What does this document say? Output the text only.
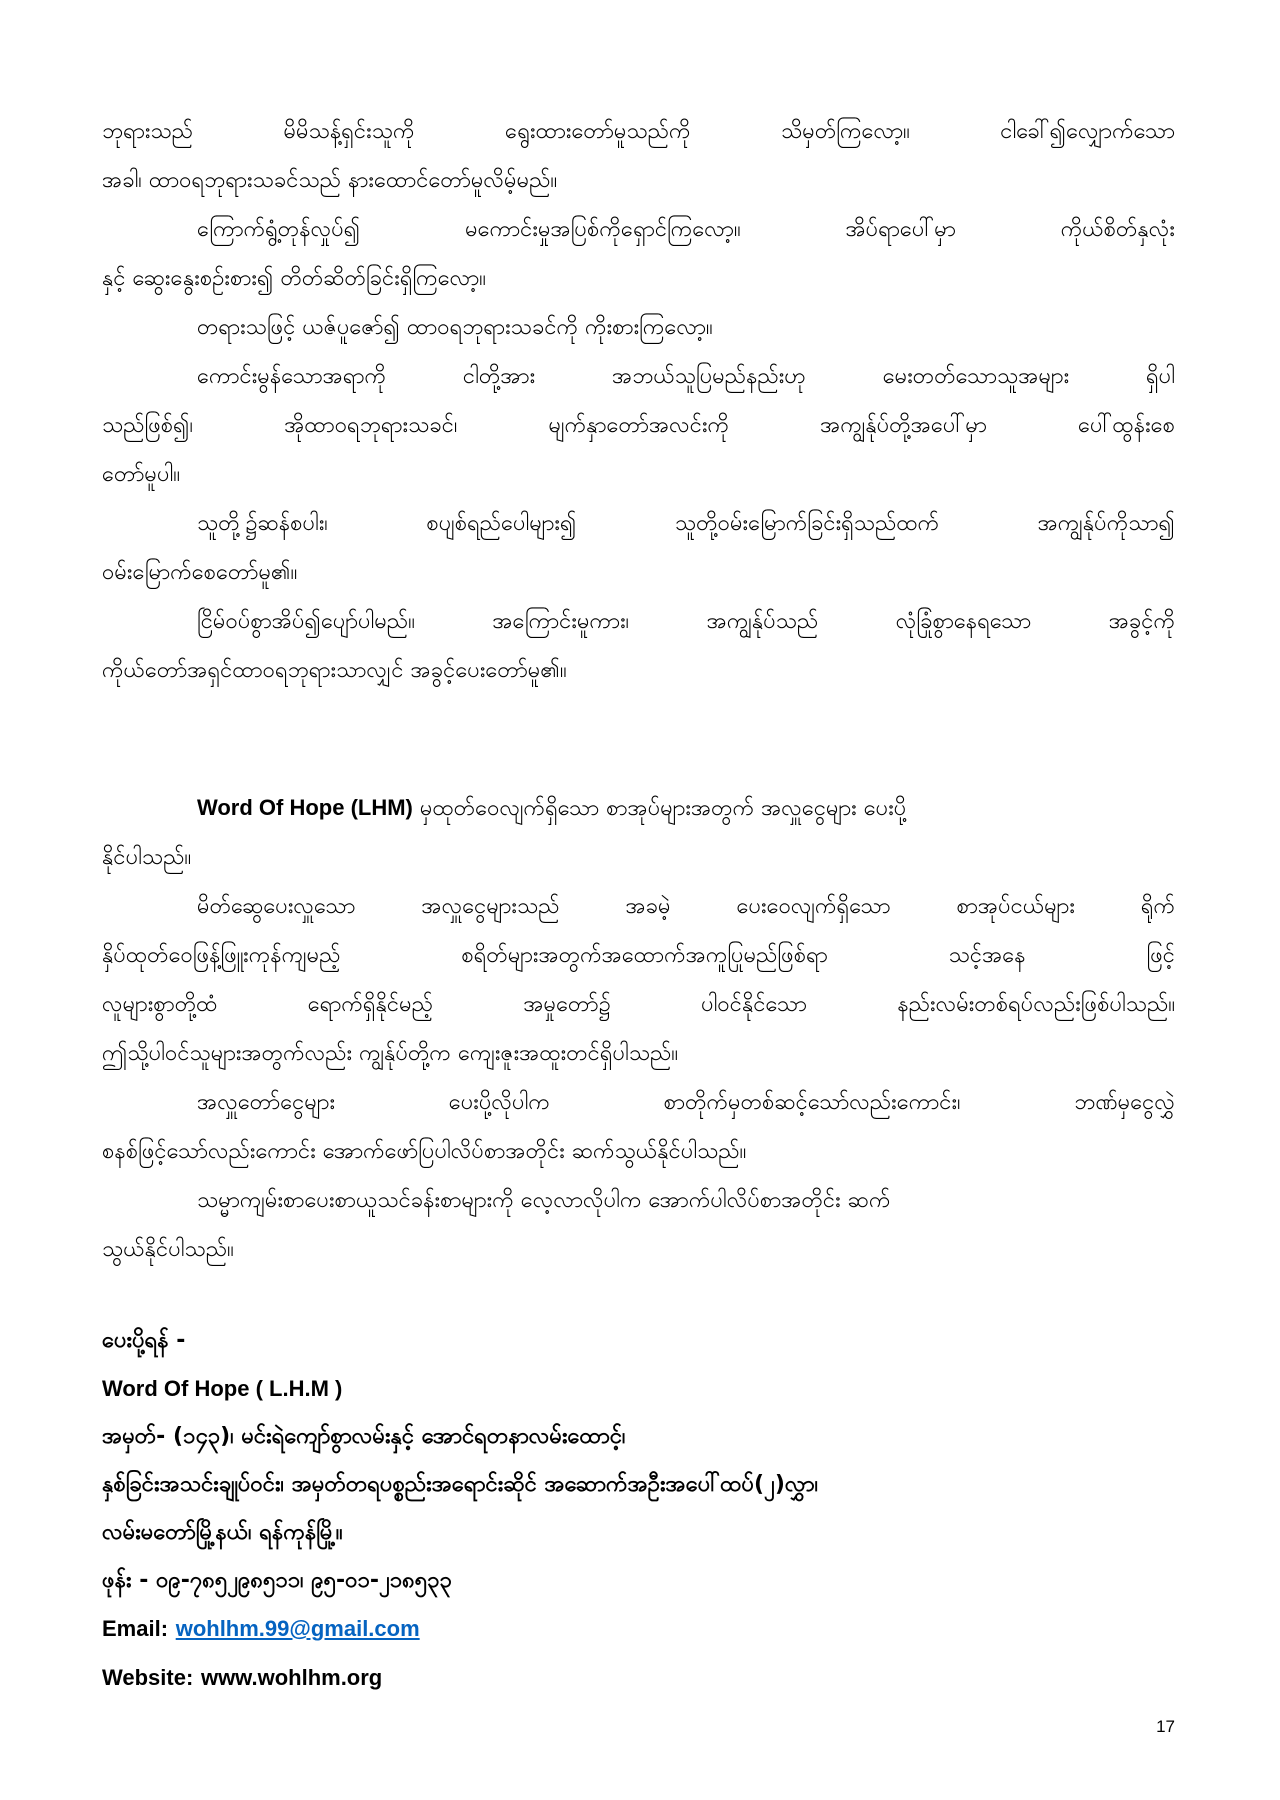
ဘုရားသည် မိမိသန့်ရှင်းသူကို ရွေးထားတော်မူသည်ကို သိမှတ်ကြလော့။ ငါခေါ်၍လျှောက်သော
အခါ၊ ထာဝရဘုရားသခင်သည် နားထောင်တော်မူလိမ့်မည်။
ကြောက်ရွံ့တုန်လှုပ်၍ မကောင်းမှုအပြစ်ကိုရှောင်ကြလော့။ အိပ်ရာပေါ်မှာ ကိုယ်စိတ်နှလုံး
နှင့် ဆွေးနွေးစဉ်းစား၍ တိတ်ဆိတ်ခြင်းရှိကြလော့။
တရားသဖြင့် ယဇ်ပူဇော်၍ ထာဝရဘုရားသခင်ကို ကိုးစားကြလော့။
ကောင်းမွန်သောအရာကို ငါတို့အား အဘယ်သူပြမည်နည်းဟု မေးတတ်သောသူအများ ရှိပါ
သည်ဖြစ်၍၊ အိုထာဝရဘုရားသခင်၊ မျက်နှာတော်အလင်းကို အကျွန်ုပ်တို့အပေါ်မှာ ပေါ်ထွန်းစေ
တော်မူပါ။
သူတို့၌ဆန်စပါး၊ စပျစ်ရည်ပေါများ၍ သူတို့ဝမ်းမြောက်ခြင်းရှိသည်ထက် အကျွန်ုပ်ကိုသာ၍
ဝမ်းမြောက်စေတော်မူ၏။
ငြိမ်ဝပ်စွာအိပ်၍ပျော်ပါမည်။ အကြောင်းမူကား၊ အကျွန်ုပ်သည် လုံခြုံစွာနေရသော အခွင့်ကို
ကိုယ်တော်အရှင်ထာဝရဘုရားသာလျှင် အခွင့်ပေးတော်မူ၏။
Word Of Hope (LHM) မှထုတ်ဝေလျက်ရှိသော စာအုပ်များအတွက် အလှူငွေများ ပေးပို့
နိုင်ပါသည်။
မိတ်ဆွေပေးလှူသော အလှူငွေများသည် အခမဲ့ ပေးဝေလျက်ရှိသော စာအုပ်ငယ်များ ရိုက်
နှိပ်ထုတ်ဝေဖြန့်ဖြူးကုန်ကျမည့် စရိတ်များအတွက်အထောက်အကူပြုမည်ဖြစ်ရာ သင့်အနေ ဖြင့်
လူများစွာတို့ထံ ရောက်ရှိနိုင်မည့် အမှုတော်၌ ပါဝင်နိုင်သော နည်းလမ်းတစ်ရပ်လည်းဖြစ်ပါသည်။
ဤသို့ပါဝင်သူများအတွက်လည်း ကျွန်ုပ်တို့က ကျေးဇူးအထူးတင်ရှိပါသည်။
အလှူတော်ငွေများ ပေးပို့လိုပါက စာတိုက်မှတစ်ဆင့်သော်လည်းကောင်း၊ ဘဏ်မှငွေလွှဲ
စနစ်ဖြင့်သော်လည်းကောင်း အောက်ဖော်ပြပါလိပ်စာအတိုင်း ဆက်သွယ်နိုင်ပါသည်။
သမ္မာကျမ်းစာပေးစာယူသင်ခန်းစာများကို လေ့လာလိုပါက အောက်ပါလိပ်စာအတိုင်း ဆက်
သွယ်နိုင်ပါသည်။
ပေးပို့ရန် -
Word Of Hope ( L.H.M )
အမှတ်- (၁၄၃)၊ မင်းရဲကျော်စွာလမ်းနှင့် အောင်ရတနာလမ်းထောင့်၊
နှစ်ခြင်းအသင်းချုပ်ဝင်း၊ အမှတ်တရပစ္စည်းအရောင်းဆိုင် အဆောက်အဦးအပေါ်ထပ်(၂)လွှာ၊
လမ်းမတော်မြို့နယ်၊ ရန်ကုန်မြို့။
ဖုန်း - ၀၉-၇၈၅၂၉၈၅၁၁၊ ၉၅-၀၁-၂၁၈၅၃၃
Email: wohlhm.99@gmail.com
Website: www.wohlhm.org
17
